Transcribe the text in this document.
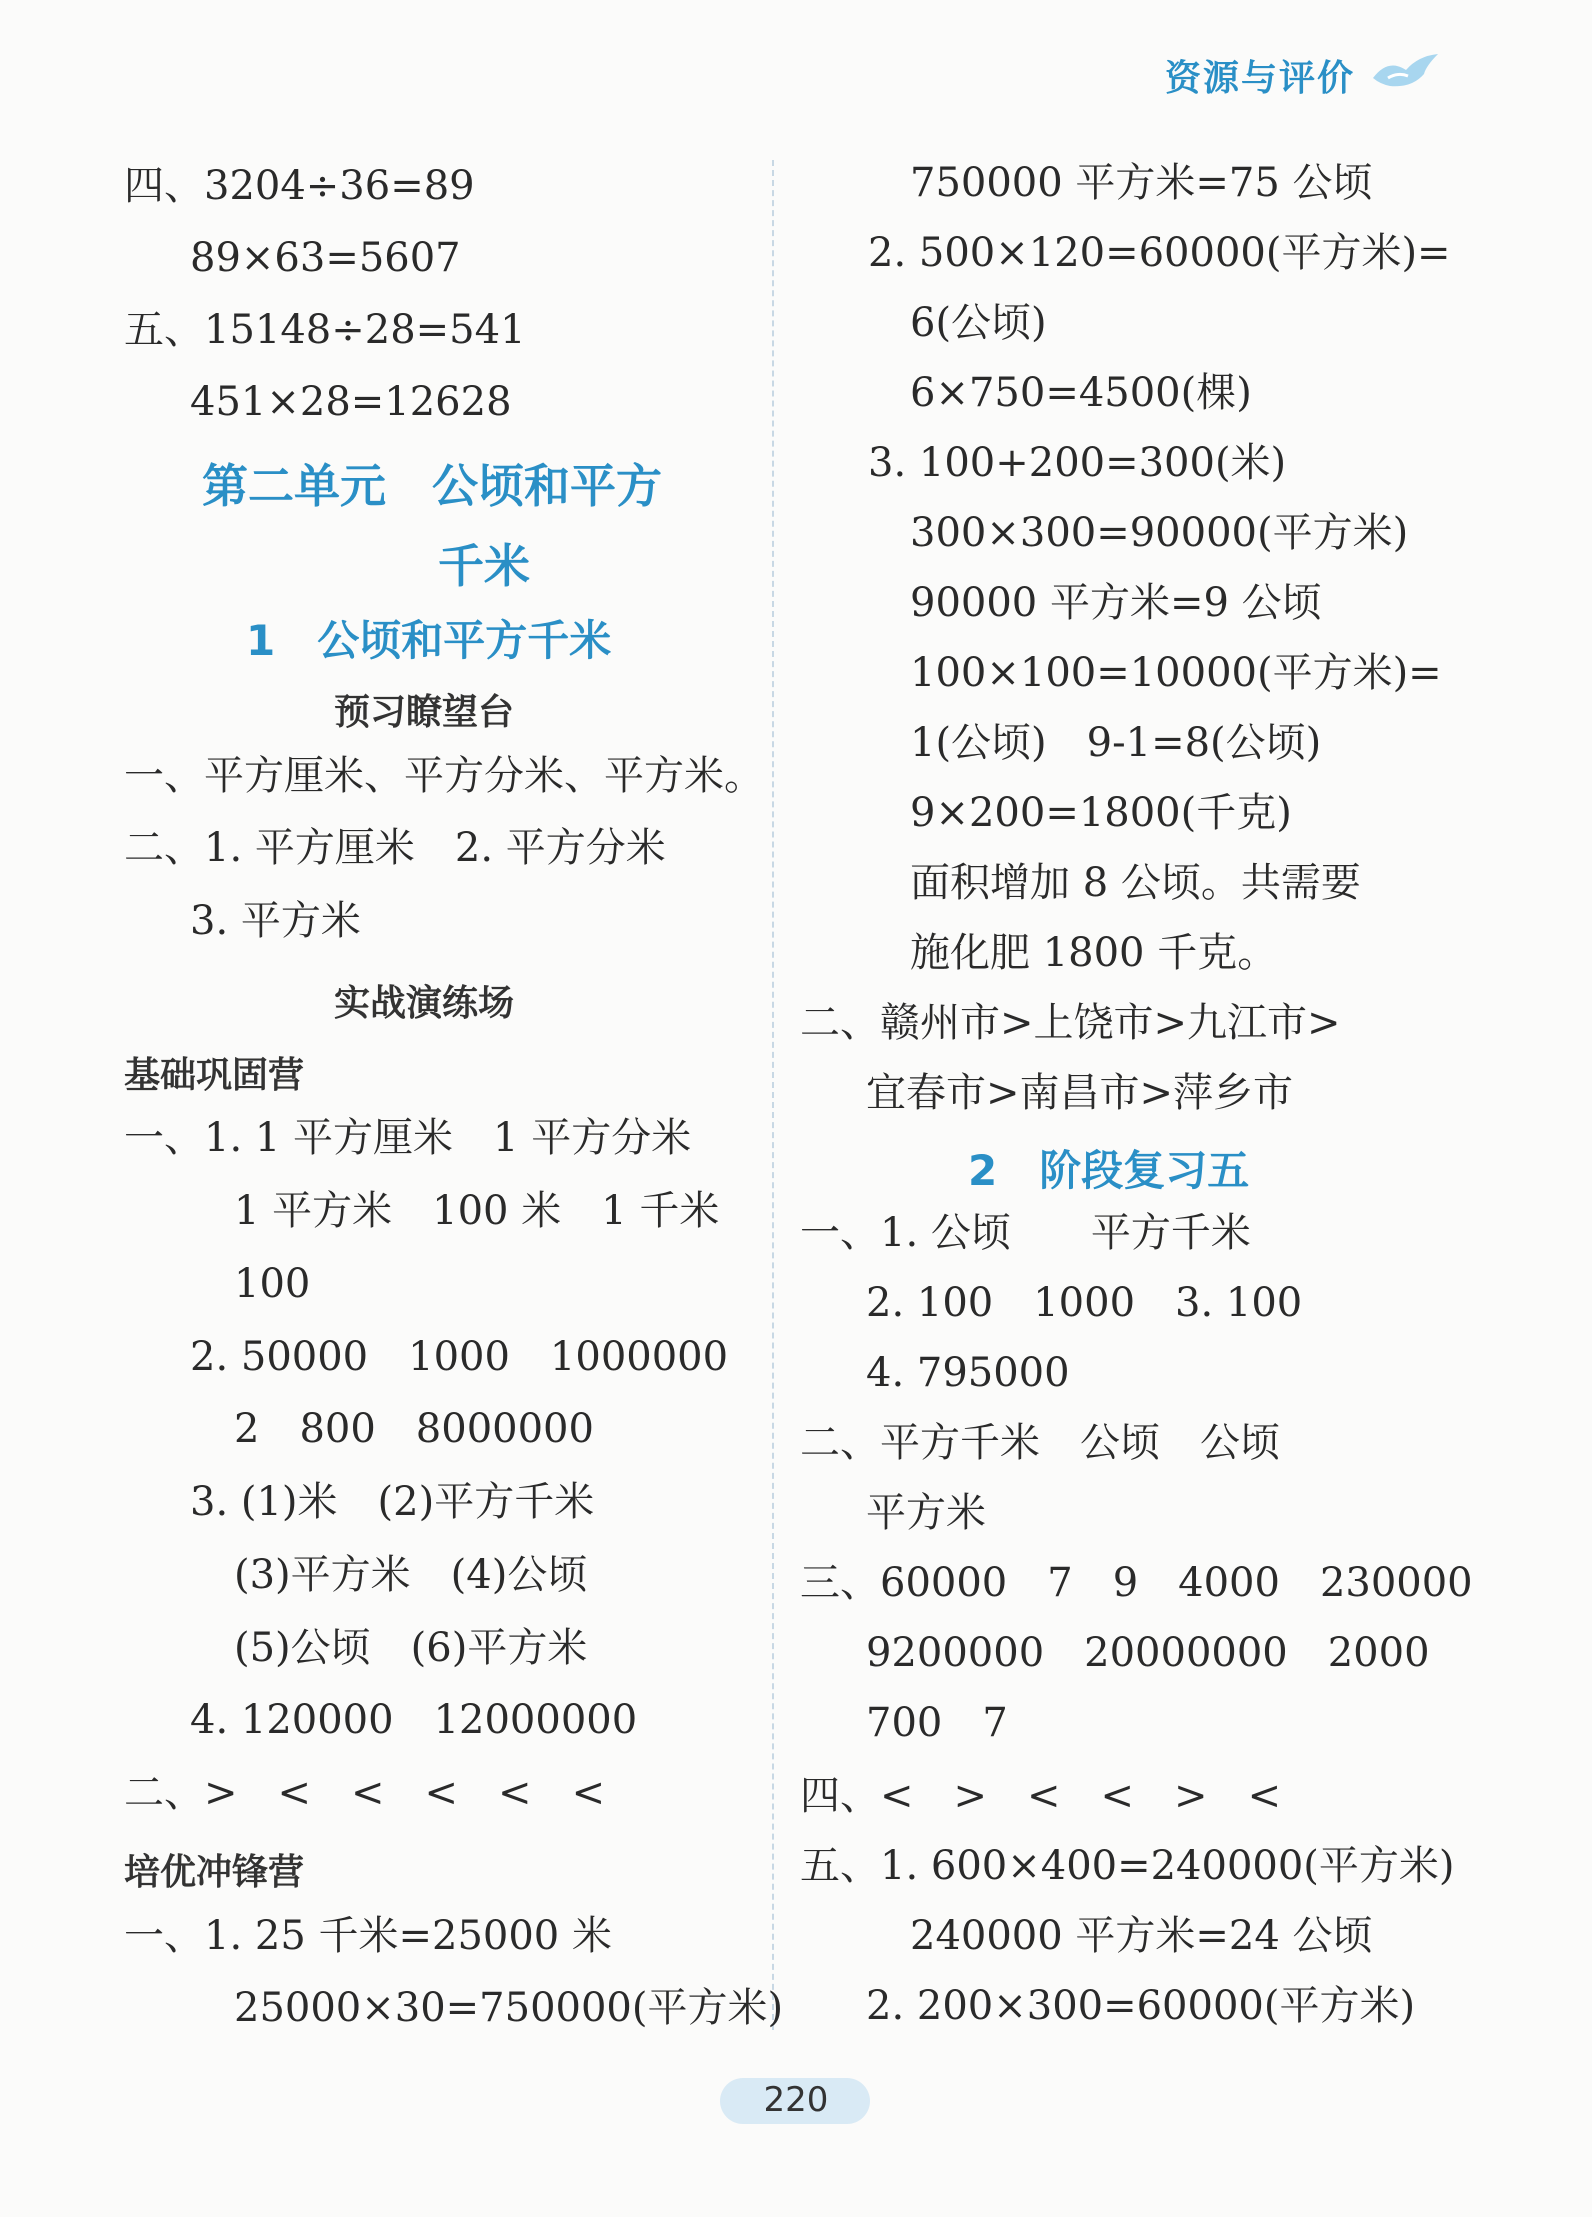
资源与评价
四、3204÷36=89
89×63=5607
五、15148÷28=541
451×28=12628
第二单元　公顷和平方
千米
1　公顷和平方千米
预习瞭望台
一、平方厘米、平方分米、平方米。
二、1. 平方厘米　2. 平方分米
3. 平方米
实战演练场
基础巩固营
一、1. 1 平方厘米　1 平方分米
1 平方米　100 米　1 千米
100
2. 50000　1000　1000000
2　800　8000000
3. (1)米　(2)平方千米
(3)平方米　(4)公顷
(5)公顷　(6)平方米
4. 120000　12000000
二、>　<　<　<　<　<
培优冲锋营
一、1. 25 千米=25000 米
25000×30=750000(平方米)
750000 平方米=75 公顷
2. 500×120=60000(平方米)=
6(公顷)
6×750=4500(棵)
3. 100+200=300(米)
300×300=90000(平方米)
90000 平方米=9 公顷
100×100=10000(平方米)=
1(公顷)　9-1=8(公顷)
9×200=1800(千克)
面积增加 8 公顷。共需要
施化肥 1800 千克。
二、赣州市>上饶市>九江市>
宜春市>南昌市>萍乡市
2　阶段复习五
一、1. 公顷　　平方千米
2. 100　1000　3. 100
4. 795000
二、平方千米　公顷　公顷
平方米
三、60000　7　9　4000　230000
9200000　20000000　2000
700　7
四、<　>　<　<　>　<
五、1. 600×400=240000(平方米)
240000 平方米=24 公顷
2. 200×300=60000(平方米)
220
